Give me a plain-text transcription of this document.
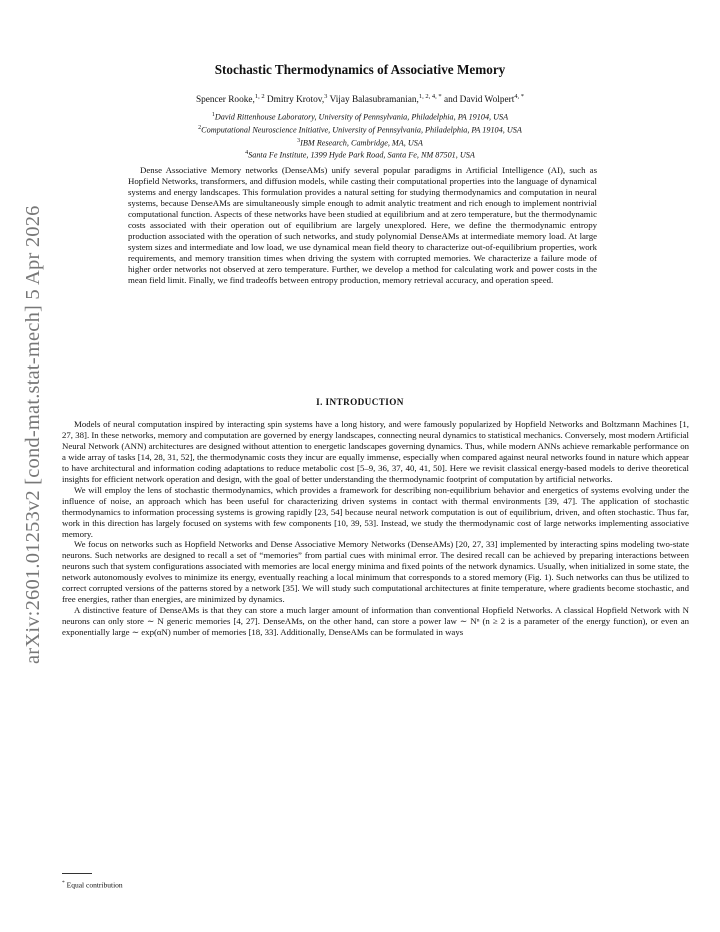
arXiv:2601.01253v2 [cond-mat.stat-mech] 5 Apr 2026
Stochastic Thermodynamics of Associative Memory

Spencer Rooke,$^{1, 2}$ Dmitry Krotov,$^3$ Vijay Balasubramanian,$^{1, 2, 4, *}$ and David Wolpert$^{4, *}$

$^1$David Rittenhouse Laboratory, University of Pennsylvania, Philadelphia, PA 19104, USA

$^2$Computational Neuroscience Initiative, University of Pennsylvania, Philadelphia, PA 19104, USA

$^3$IBM Research, Cambridge, MA, USA

$^4$Santa Fe Institute, 1399 Hyde Park Road, Santa Fe, NM 87501, USA

Dense Associative Memory networks (DenseAMs) unify several popular paradigms in Artificial Intelligence (AI), such as Hopfield Networks, transformers, and diffusion models, while casting their computational properties into the language of dynamical systems and energy landscapes. This formulation provides a natural setting for studying thermodynamics and computation in neural systems, because DenseAMs are simultaneously simple enough to admit analytic treatment and rich enough to implement nontrivial computational function. Aspects of these networks have been studied at equilibrium and at zero temperature, but the thermodynamic costs associated with their operation out of equilibrium are largely unexplored. Here, we define the thermodynamic entropy production associated with the operation of such networks, and study polynomial DenseAMs at intermediate memory load. At large system sizes and intermediate and low load, we use dynamical mean field theory to characterize out-of-equilibrium properties, work requirements, and memory transition times when driving the system with corrupted memories. We characterize a failure mode of higher order networks not observed at zero temperature. Further, we develop a method for calculating work and power costs in the mean field limit. Finally, we find tradeoffs between entropy production, memory retrieval accuracy, and operation speed.

I. INTRODUCTION

Models of neural computation inspired by interacting spin systems have a long history, and were famously popularized by Hopfield Networks and Boltzmann Machines [1, 27, 38]. In these networks, memory and computation are governed by energy landscapes, connecting neural dynamics to statistical mechanics. Conversely, most modern Artificial Neural Network (ANN) architectures are designed without attention to energetic landscapes governing dynamics. Thus, while modern ANNs achieve remarkable performance on a wide array of tasks [14, 28, 31, 52], the thermodynamic costs they incur are equally immense, especially when compared against neural networks found in nature which appear to have architectural and information coding adaptations to reduce metabolic cost [5–9, 36, 37, 40, 41, 50]. Here we revisit classical energy-based models to derive theoretical insights for efficient network operation and design, with the goal of better understanding the thermodynamic footprint of computation by artificial networks.

We will employ the lens of stochastic thermodynamics, which provides a framework for describing non-equilibrium behavior and energetics of systems evolving under the influence of noise, an approach which has been useful for characterizing driven systems in contact with thermal environments [39, 47]. The application of stochastic thermodynamics to information processing systems is growing rapidly [23, 54] because neural network computation is out of equilibrium, driven, and often stochastic. Thus far, work in this direction has largely focused on systems with few components [10, 39, 53]. Instead, we study the thermodynamic cost of large networks implementing associative memory.

We focus on networks such as Hopfield Networks and Dense Associative Memory Networks (DenseAMs) [20, 27, 33] implemented by interacting spins modeling two-state neurons. Such networks are designed to recall a set of “memories” from partial cues with minimal error. The desired recall can be achieved by preparing interactions between neurons such that system configurations associated with memories are local energy minima and fixed points of the network dynamics. Usually, when initialized in some state, the network autonomously evolves to minimize its energy, eventually reaching a local minimum that corresponds to a stored memory (Fig. 1). Such networks can thus be utilized to correct corrupted versions of the patterns stored by a network [35]. We will study such computational architectures at finite temperature, where gradients become stochastic, and free energies, rather than energies, are minimized by dynamics.

A distinctive feature of DenseAMs is that they can store a much larger amount of information than conventional Hopfield Networks. A classical Hopfield Network with N neurons can only store ∼ N generic memories [4, 27]. DenseAMs, on the other hand, can store a power law ∼ Nⁿ (n ≥ 2 is a parameter of the energy function), or even an exponentially large ∼ exp(αN) number of memories [18, 33]. Additionally, DenseAMs can be formulated in ways

* Equal contribution
